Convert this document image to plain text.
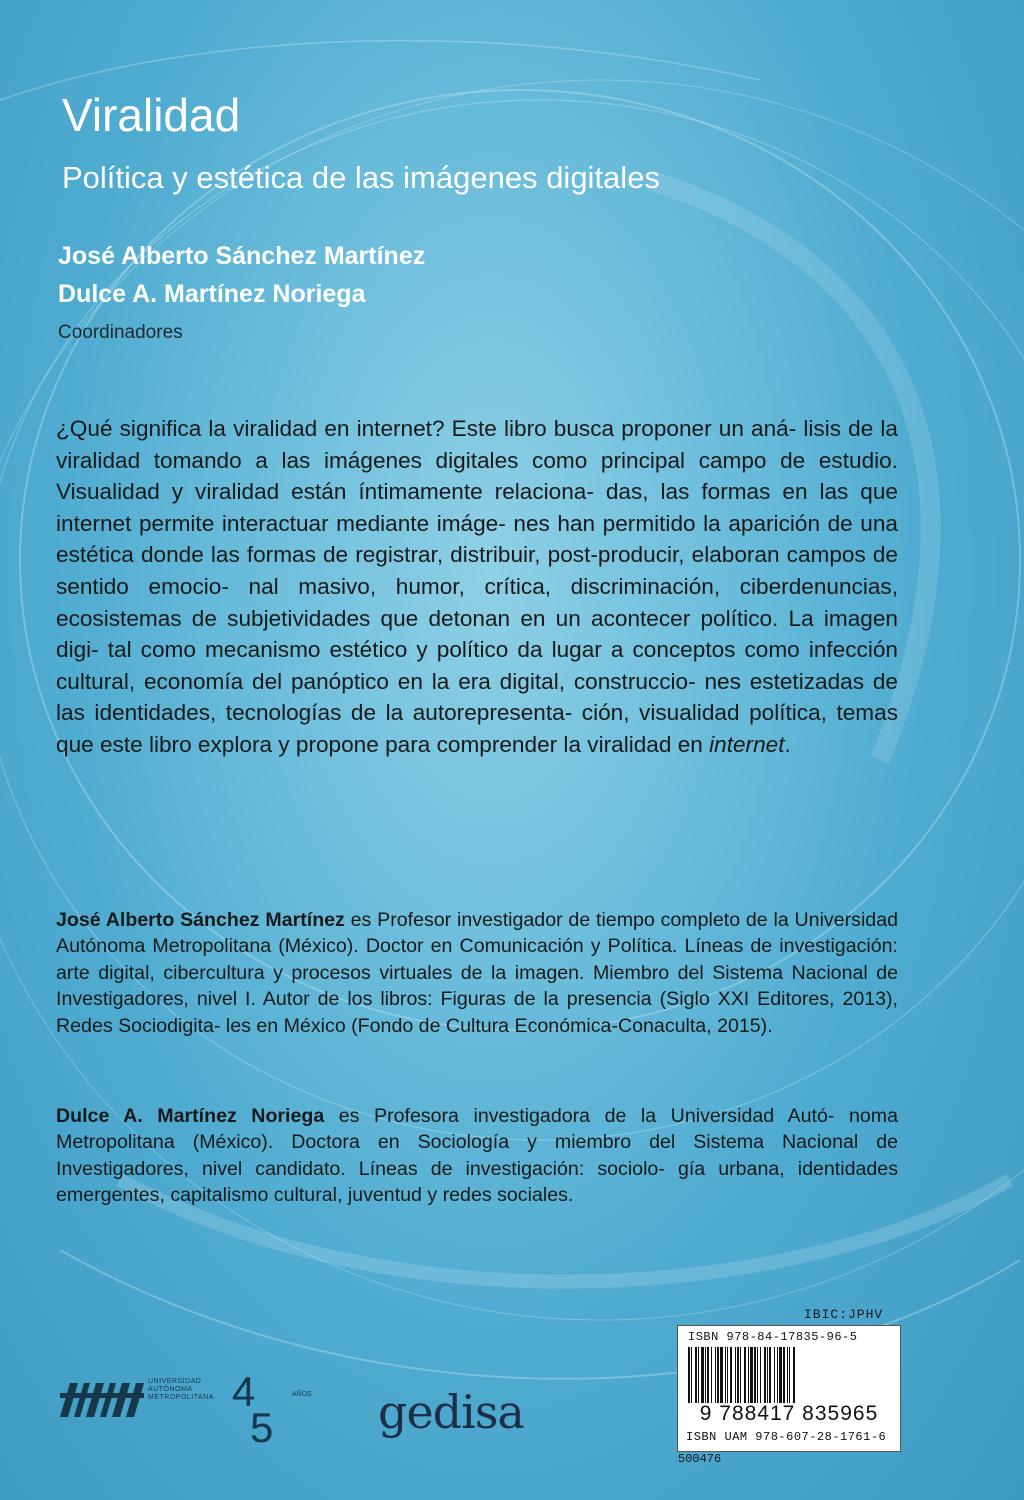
Viralidad
Política y estética de las imágenes digitales
José Alberto Sánchez Martínez
Dulce A. Martínez Noriega
Coordinadores

¿Qué significa la viralidad en internet? Este libro busca proponer un aná- lisis de la viralidad tomando a las imágenes digitales como principal campo de estudio. Visualidad y viralidad están íntimamente relaciona- das, las formas en las que internet permite interactuar mediante imáge- nes han permitido la aparición de una estética donde las formas de registrar, distribuir, post-producir, elaboran campos de sentido emocio- nal masivo, humor, crítica, discriminación, ciberdenuncias, ecosistemas de subjetividades que detonan en un acontecer político. La imagen digi- tal como mecanismo estético y político da lugar a conceptos como infección cultural, economía del panóptico en la era digital, construccio- nes estetizadas de las identidades, tecnologías de la autorepresenta- ción, visualidad política, temas que este libro explora y propone para comprender la viralidad en internet.

José Alberto Sánchez Martínez es Profesor investigador de tiempo completo de la Universidad Autónoma Metropolitana (México). Doctor en Comunicación y Política. Líneas de investigación: arte digital, cibercultura y procesos virtuales de la imagen. Miembro del Sistema Nacional de Investigadores, nivel I. Autor de los libros: Figuras de la presencia (Siglo XXI Editores, 2013), Redes Sociodigita- les en México (Fondo de Cultura Económica-Conaculta, 2015).

Dulce A. Martínez Noriega es Profesora investigadora de la Universidad Autó- noma Metropolitana (México). Doctora en Sociología y miembro del Sistema Nacional de Investigadores, nivel candidato. Líneas de investigación: sociolo- gía urbana, identidades emergentes, capitalismo cultural, juventud y redes sociales.

UNIVERSIDAD
AUTÓNOMA
METROPOLITANA 4
5
AÑOS gedisa
IBIC:JPHV
ISBN 978-84-17835-96-5
9 788417 835965
ISBN UAM 978-607-28-1761-6
500476
